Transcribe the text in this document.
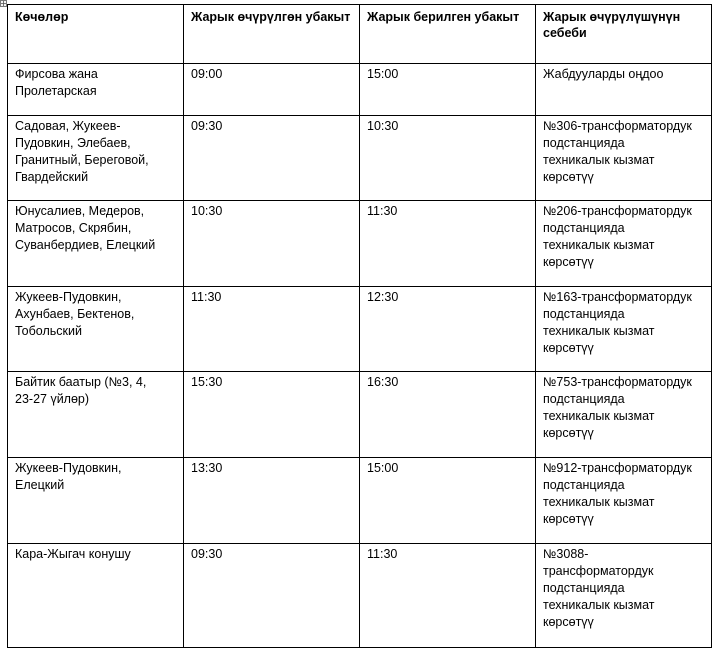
Көчөлөр	Жарык өчүрүлгөн убакыт	Жарык берилген убакыт	Жарык өчүрүлүшүнүн себеби

Фирсова жана
Пролетарская	09:00	15:00	Жабдууларды оңдоо

Садовая, Жукеев-
Пудовкин, Элебаев,
Гранитный, Береговой,
Гвардейский	09:30	10:30	№306-трансформатордук
подстанцияда
техникалык кызмат
көрсөтүү

Юнусалиев, Медеров,
Матросов, Скрябин,
Суванбердиев, Елецкий	10:30	11:30	№206-трансформатордук
подстанцияда
техникалык кызмат
көрсөтүү

Жукеев-Пудовкин,
Ахунбаев, Бектенов,
Тобольский	11:30	12:30	№163-трансформатордук
подстанцияда
техникалык кызмат
көрсөтүү

Байтик баатыр (№3, 4,
23-27 үйлөр)	15:30	16:30	№753-трансформатордук
подстанцияда
техникалык кызмат
көрсөтүү

Жукеев-Пудовкин,
Елецкий	13:30	15:00	№912-трансформатордук
подстанцияда
техникалык кызмат
көрсөтүү

Кара-Жыгач конушу	09:30	11:30	№3088-
трансформатордук
подстанцияда
техникалык кызмат
көрсөтүү
